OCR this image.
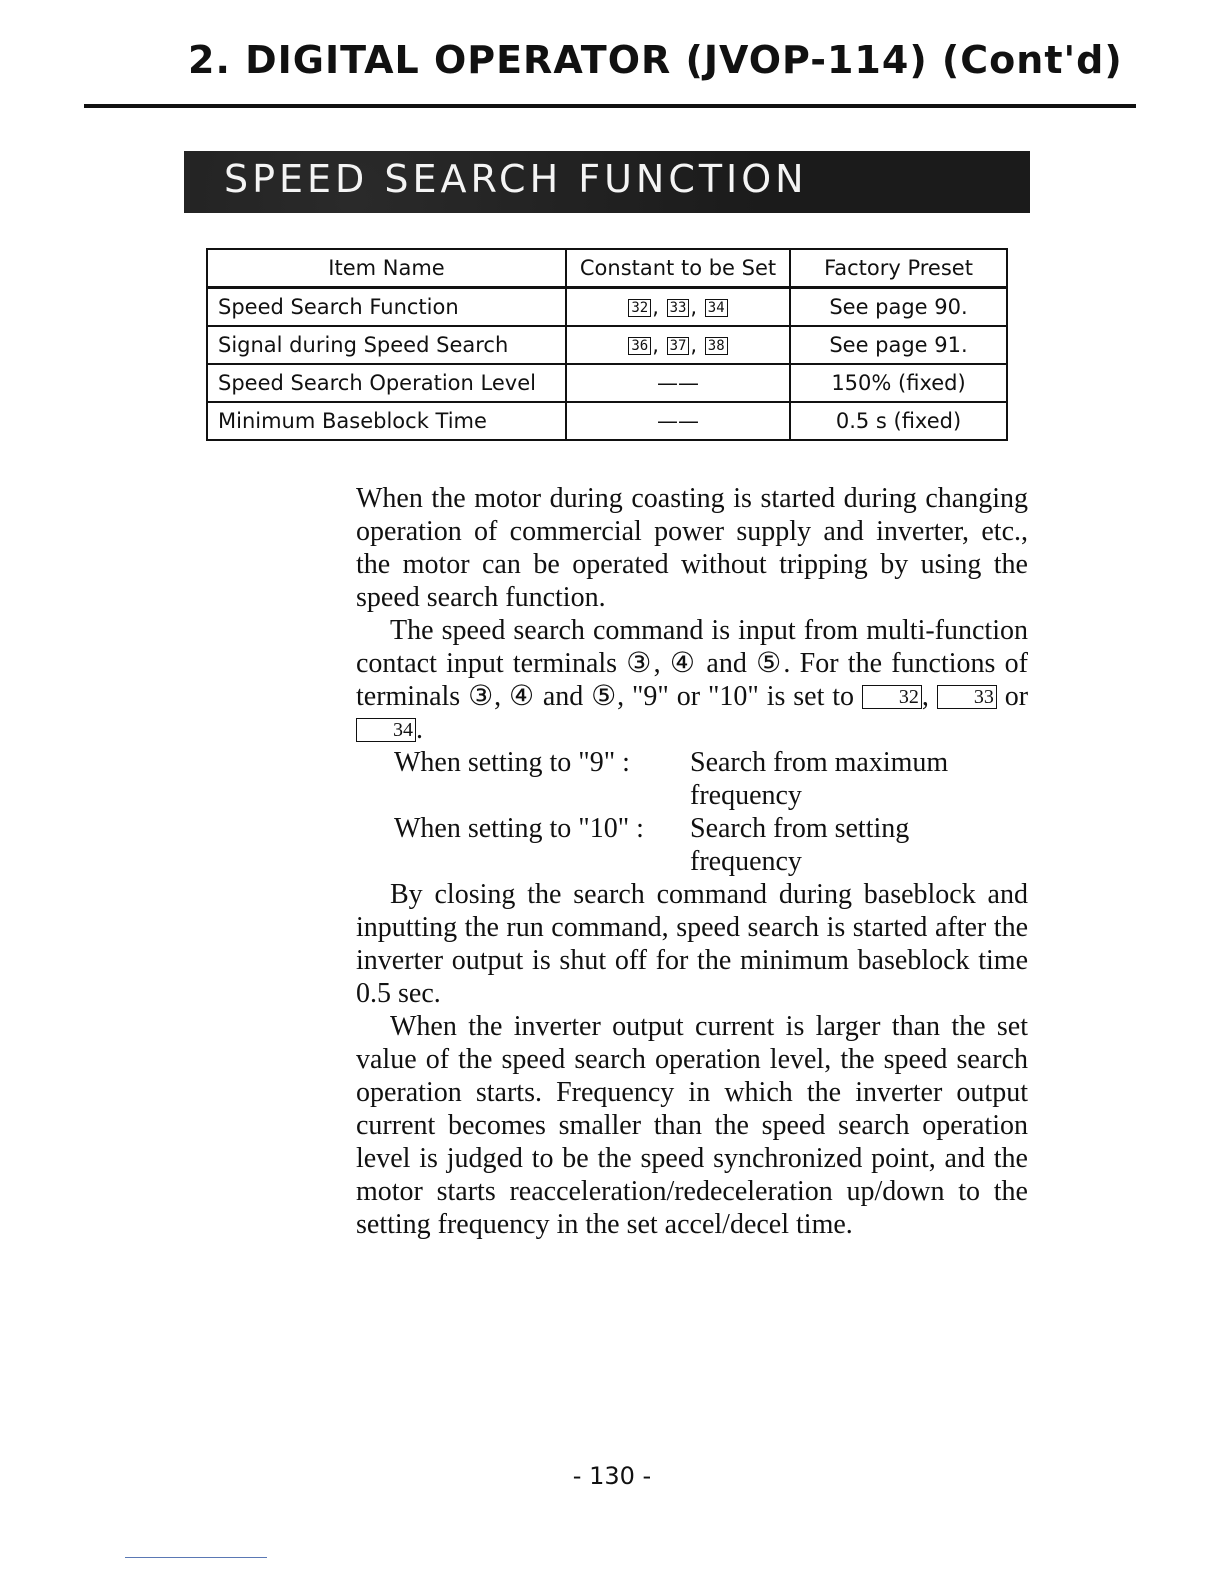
2. DIGITAL OPERATOR (JVOP-114) (Cont'd)
SPEED SEARCH FUNCTION
Item Name	Constant to be Set	Factory Preset
Speed Search Function	32 , 33 , 34	See page 90.
Signal during Speed Search	36 , 37 , 38	See page 91.
Speed Search Operation Level	——	150% (fixed)
Minimum Baseblock Time	——	0.5 s (fixed)

When the motor during coasting is started during changing operation of commercial power supply and inverter, etc., the motor can be operated without tripping by using the speed search function.

The speed search command is input from multi-function contact input terminals ③, ④ and ⑤. For the functions of terminals ③, ④ and ⑤, "9" or "10" is set to 32 , 33 or 34 .

When setting to "9" :	Search from maximum frequency
When setting to "10" :	Search from setting frequency

By closing the search command during baseblock and inputting the run command, speed search is started after the inverter output is shut off for the minimum baseblock time 0.5 sec.

When the inverter output current is larger than the set value of the speed search operation level, the speed search operation starts. Frequency in which the inverter output current becomes smaller than the speed search operation level is judged to be the speed synchronized point, and the motor starts reacceleration/redeceleration up/down to the setting frequency in the set accel/decel time.

- 130 -
